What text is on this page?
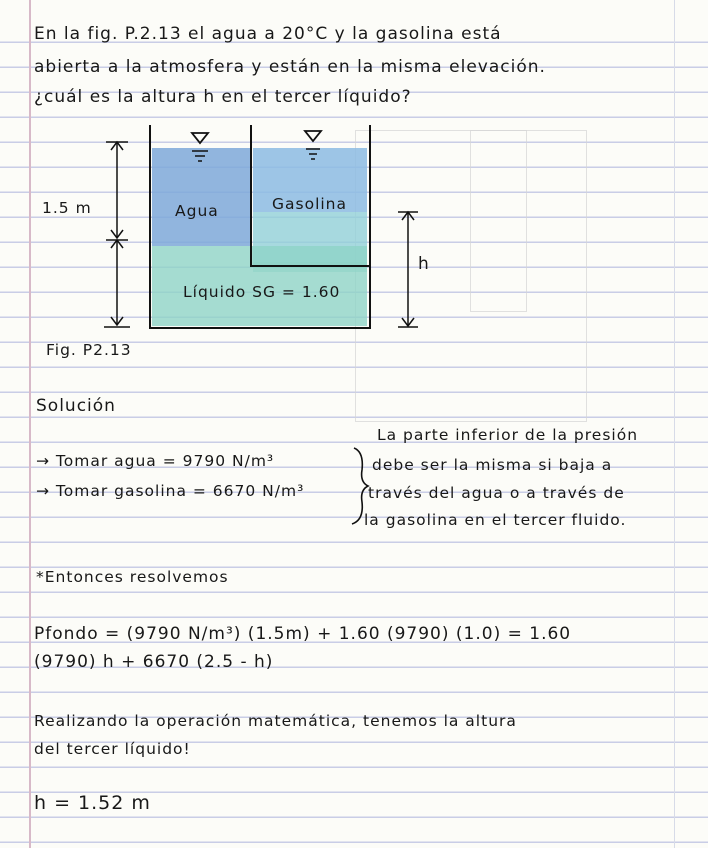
En la fig. P.2.13 el agua a 20°C y la gasolina está
abierta a la atmosfera y están en la misma elevación.
¿cuál es la altura h en el tercer líquido?
1.5 m	Agua	Gasolina
h
Líquido SG = 1.60
Fig. P2.13
Solución
La parte inferior de la presión
→ Tomar agua = 9790 N/m³	debe ser la misma si baja a
→ Tomar gasolina = 6670 N/m³	través del agua o a través de
la gasolina en el tercer fluido.
*Entonces resolvemos
Pfondo = (9790 N/m³) (1.5m) + 1.60 (9790) (1.0) = 1.60
(9790) h + 6670 (2.5 - h)
Realizando la operación matemática, tenemos la altura
del tercer líquido!
h = 1.52 m
